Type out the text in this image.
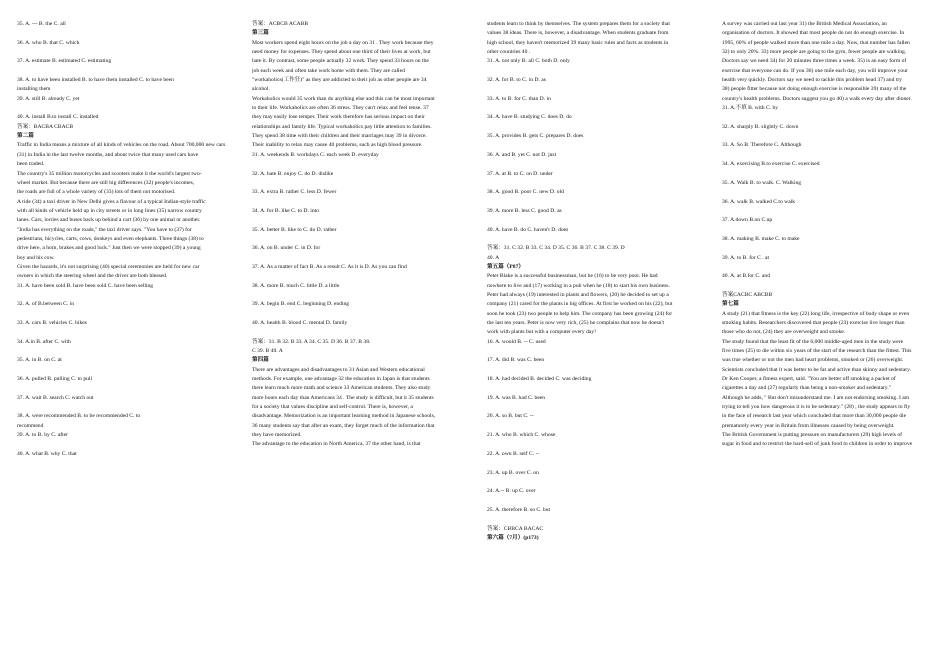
35. A. --- B. the C. all
36. A. who B. that C. which
37. A. estimate B. estimated C. estimating
38. A. to have been installed B. to have them installed C. to have been
installing them
39. A. still B. already C. yet
40. A. install B.to install C. installed
答案：BACBA CBACB
第二篇
Traffic in India means a mixture of all kinds of vehicles on the road. About 700,000 new cars
(31) in India in the last twelve months, and about twice that many used cars have
been traded.
The country's 35 million motorcycles and scooters make it the world's largest two-
wheel market. But because there are still big differences (32) people's incomes,
the roads are full of a whole variety of (33) lots of them not motorised.
A ride (34) a taxi driver in New Delhi gives a flavour of a typical Indian-style traffic
with all kinds of vehicle held up in city streets or in long lines (35) narrow country
lanes. Cars, lorries and buses back up behind a cart (36) by one animal or another.
"India has everything on the roads," the taxi driver says. "You have to (37) for
pedestrians, bicycles, carts, cows, donkeys and even elephants. Three things (38) to
drive here, a horn, brakes and good luck." Just then we were stopped (39) a young
boy and his cow.
Given the hazards, it's not surprising (40) special ceremonies are held for new car
owners in which the steering wheel and the driver are both blessed.
31. A. have been sold B. have been sold C. have been selling
32. A. of B.between C. in
33. A. cars B. vehicles C. bikes
34. A.in B. after C. with
35. A. in B. on C. at
36. A. pulled B. pulling C. to pull
37. A. wait B. search C. watch out
38. A. were recommended B. to be recommended C. to
recommend
39. A. to B. by C. after
40. A. what B. why C. that
答案：ACBCB ACABB
第三篇
Most workers spend eight hours on the job a day on 31 . They work because they
need money for expenses. They spend about one third of their lives at work, but
hate it. By contrast, some people actually 32 work. They spend 33 hours on the
job each week and often take work home with them. They are called
"workaholics(工作狂)" as they are addicted to their job as other people are 34
alcohol.
Workaholics would 35 work than do anything else and this can be most important
to their life. Workaholics are often 36 stress. They can't relax and feel tense. 37
they may easily lose temper. Their work therefore has serious impact on their
relationships and family life. Typical workaholics pay little attention to families.
They spend 38 time with their children and their marriages may 39 in divorce.
Their inability to relax may cause 40 problems, such as high blood pressure.
31. A. weekends B. workdays C. each week D. everyday
32. A. hate B. enjoy C. do D. dislike
33. A. extra B. rather C. less D. fewer
34. A. for B. like C. to D. into
35. A. better B. like to C. do D. rather
36. A. on B. under C. in D. for
37. A. As a matter of fact B. As a result C. As it is D. As you can find
38. A. more B. much C. little D. a little
39. A. begin B. end C. beginning D. ending
40. A. health B. blood C. mental D. family
答案：31. B 32. B 33. A 34. C 35. D 36. B 37. B 38.
C 39. B 40. A
第四篇
There are advantages and disadvantages to 31 Asian and Western educational
methods. For example, one advantage 32 the education in Japan is that students
there learn much more math and science 33 American students. They also study
more hours each day than Americans 34 . The study is difficult, but it 35 students
for a society that values discipline and self-control. There is, however, a
disadvantage. Memorization is an important learning method in Japanese schools,
36 many students say that after an exam, they forget much of the information that
they have memorized.
The advantage to the education in North America, 37 the other hand, is that
students learn to think by themselves. The system prepares them for a society that
values 38 ideas. There is, however, a disadvantage. When students graduate from
high school, they haven't memorized 39 many basic rules and facts as students in
other countries 40 .
31. A. not only B. all C. both D. only
32. A. for B. to C. in D. as
33. A. to B. for C. than D. in
34. A. have B. studying C. does D. do
35. A. provides B. gets C. prepares D. does
36. A. and B. yet C. not D. just
37. A. at B. to C. on D. under
38. A. good B. poor C. new D. old
39. A. more B. less C. good D. as
40. A. have B. do C. haven't D. does
答案：31. C 32. B 33. C 34. D 35. C 36. B 37. C 38. C 39. D
40. A
第五篇（P87）
Peter Blake is a successful businessman, but he (16) to be very poor. He had
nowhere to live and (17) working in a pub when he (18) to start his own business.
Peter had always (19) interested in plants and flowers, (20) he decided to set up a
company (21) cared for the plants in big offices. At first he worked on his (22), but
soon he took (23) two people to help him. The company has been growing (24) for
the last ten years. Peter is now very rich, (25) he complains that now he doesn't
work with plants but with a computer every day!
16. A. would B. -- C. used
17. A. did B. was C. been
18. A. had decided B. decided C. was deciding
19. A. was B. had C. been
20. A. so B. but C. --
21. A. who B. which C. whose
22. A. own B. self C. --
23. A. up B. over C. on
24. A.-- B. up C. over
25. A. therefore B. so C. but
答案：CBBCA BACAC
第六篇（7月）(p173)
A survey was carried out last year 31) the British Medical Association, an
organisation of doctors. It showed that most people do not do enough exercise. In
1995, 60% of people walked more than one mile a day. Now, that number has fallen
32) to only 20%. 33) more people are going to the gym, fewer people are walking.
Doctors say we need 34) for 20 minutes three times a week. 35) is an easy form of
exercise that everyone can do. If you 36) one mile each day, you will improve your
health very quickly. Doctors say we need to tackle this problem head 37) and try
38) people fitter because not doing enough exercise is responsible 39) many of the
country's health problems. Doctors suggest you go 40) a walk every day after dinner.
31. A.不填 B. with C. by
32. A. sharply B. slightly C. down
33. A. So B. Therefore C. Although
34. A. exercising B.to exercise C. exercised
35. A. Walk B. to walk. C. Walking
36. A. walk B. walked C.to walk
37. A.down B.on C.up
38. A. making B. make C. to make
39. A. to B. for C . at
40. A. at B.for C. and
答案CACBC ABCBB
第七篇
A study (21) that fitness is the key (22) long life, irrespective of body shape or even
smoking habits. Researchers discovered that people (23) exercise live longer than
those who do not, (24) they are overweight and smoke.
The study found that the least fit of the 6,000 middle-aged men in the study were
five times (25) to die within six years of the start of the research than the fittest. This
was true whether or not the men had heart problems, smoked or (26) overweight.
Scientists concluded that it was better to be fat and active than skinny and sedentary.
Dr Ken Cooper, a fitness expert, said. "You are better off smoking a packet of
cigarettes a day and (27) regularly than being a non-smoker and sedentary."
Although he adds, " But don't misunderstand me. I am not endorsing smoking. I am
trying to tell you how dangerous it is to be sedentary." (28) , the study appears to fly
in the face of research last year which concluded that more than 30,000 people die
prematurely every year in Britain from illnesses caused by being overweight.
The British Government is putting pressure on manufacturers (29) high levels of
sugar in food and to restrict the hard-sell of junk food to children in order to improve
